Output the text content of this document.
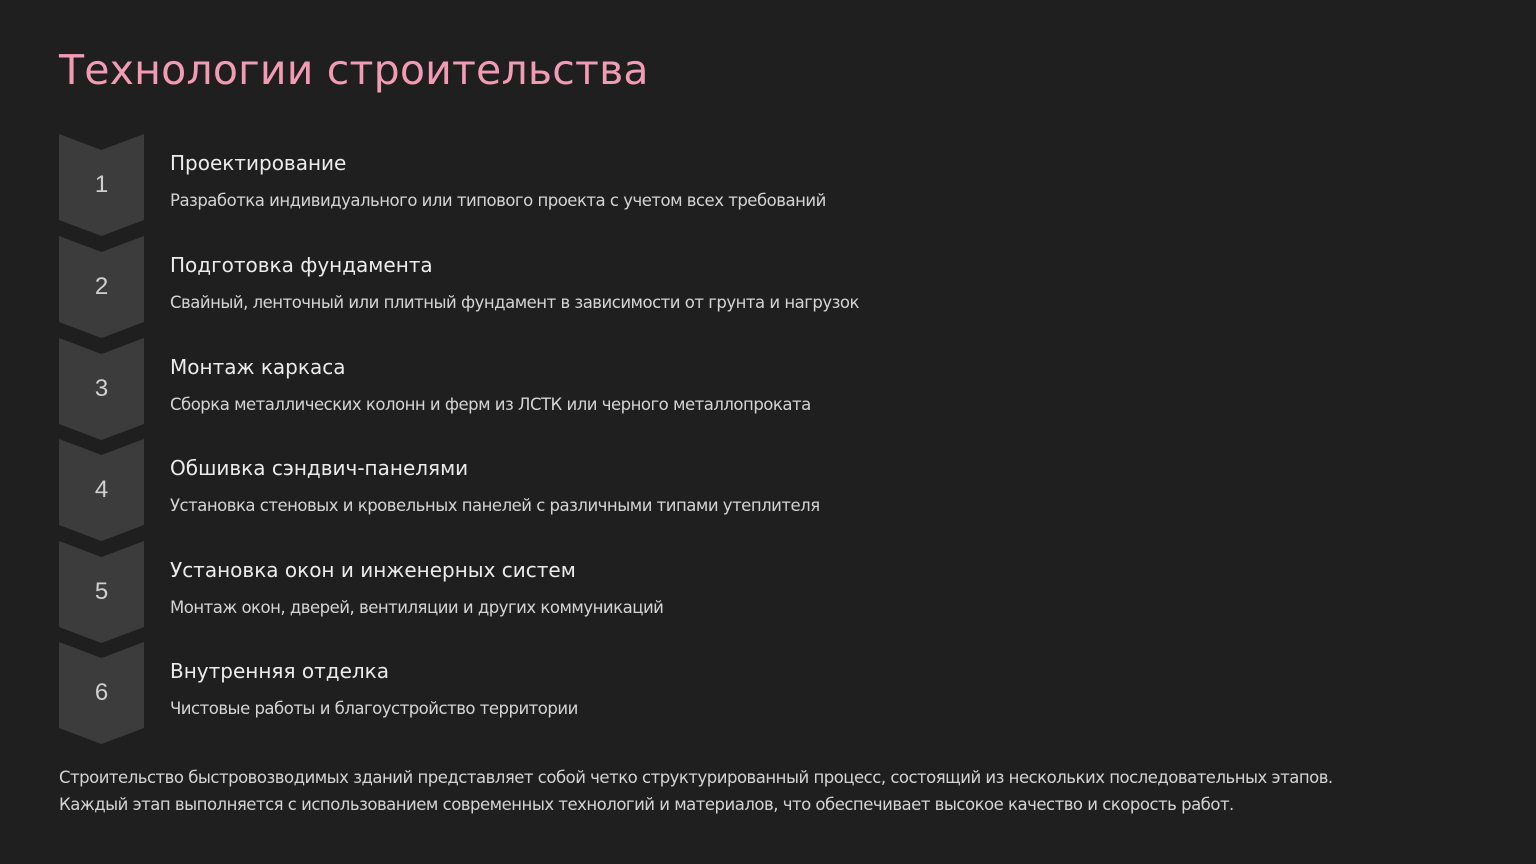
Технологии строительства
1
Проектирование
Разработка индивидуального или типового проекта с учетом всех требований
2
Подготовка фундамента
Свайный, ленточный или плитный фундамент в зависимости от грунта и нагрузок
3
Монтаж каркаса
Сборка металлических колонн и ферм из ЛСТК или черного металлопроката
4
Обшивка сэндвич-панелями
Установка стеновых и кровельных панелей с различными типами утеплителя
5
Установка окон и инженерных систем
Монтаж окон, дверей, вентиляции и других коммуникаций
6
Внутренняя отделка
Чистовые работы и благоустройство территории
Строительство быстровозводимых зданий представляет собой четко структурированный процесс, состоящий из нескольких последовательных этапов.
Каждый этап выполняется с использованием современных технологий и материалов, что обеспечивает высокое качество и скорость работ.
